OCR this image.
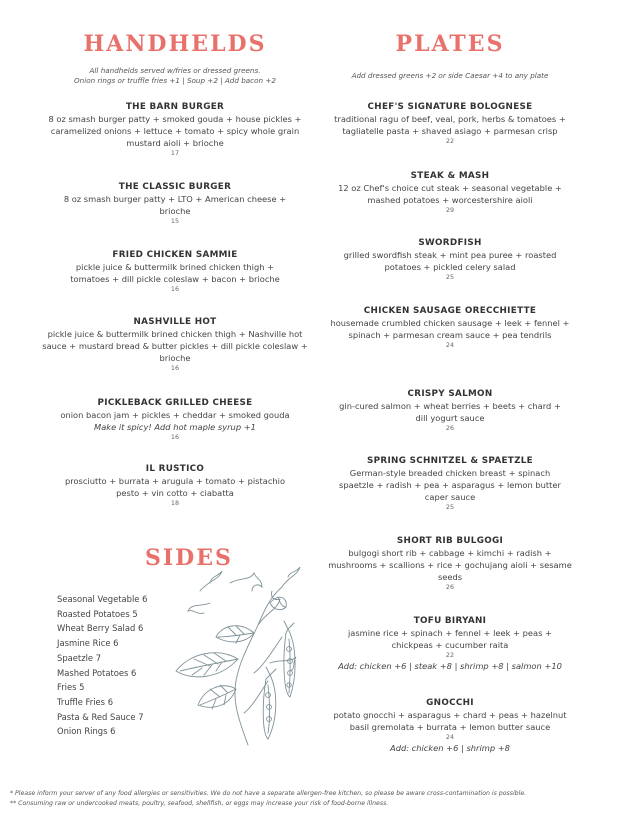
HANDHELDS
All handhelds served w/fries or dressed greens.
Onion rings or truffle fries +1 | Soup +2 | Add bacon +2
THE BARN BURGER
8 oz smash burger patty + smoked gouda + house pickles + caramelized onions + lettuce + tomato + spicy whole grain mustard aioli + brioche
17
THE CLASSIC BURGER
8 oz smash burger patty + LTO + American cheese + brioche
15
FRIED CHICKEN SAMMIE
pickle juice & buttermilk brined chicken thigh + tomatoes + dill pickle coleslaw + bacon + brioche
16
NASHVILLE HOT
pickle juice & buttermilk brined chicken thigh + Nashville hot sauce + mustard bread & butter pickles + dill pickle coleslaw + brioche
16
PICKLEBACK GRILLED CHEESE
onion bacon jam + pickles + cheddar + smoked gouda
Make it spicy! Add hot maple syrup +1
16
IL RUSTICO
prosciutto + burrata + arugula + tomato + pistachio pesto + vin cotto + ciabatta
18
SIDES
Seasonal Vegetable 6
Roasted Potatoes 5
Wheat Berry Salad 6
Jasmine Rice 6
Spaetzle 7
Mashed Potatoes 6
Fries 5
Truffle Fries 6
Pasta & Red Sauce 7
Onion Rings 6
PLATES
Add dressed greens +2 or side Caesar +4 to any plate
CHEF'S SIGNATURE BOLOGNESE
traditional ragu of beef, veal, pork, herbs & tomatoes + tagliatelle pasta + shaved asiago + parmesan crisp
22
STEAK & MASH
12 oz Chef's choice cut steak + seasonal vegetable + mashed potatoes + worcestershire aioli
29
SWORDFISH
grilled swordfish steak + mint pea puree + roasted potatoes + pickled celery salad
25
CHICKEN SAUSAGE ORECCHIETTE
housemade crumbled chicken sausage + leek + fennel + spinach + parmesan cream sauce + pea tendrils
24
CRISPY SALMON
gin-cured salmon + wheat berries + beets + chard + dill yogurt sauce
26
SPRING SCHNITZEL & SPAETZLE
German-style breaded chicken breast + spinach spaetzle + radish + pea + asparagus + lemon butter caper sauce
25
SHORT RIB BULGOGI
bulgogi short rib + cabbage + kimchi + radish + mushrooms + scallions + rice + gochujang aioli + sesame seeds
26
TOFU BIRYANI
jasmine rice + spinach + fennel + leek + peas + chickpeas + cucumber raita
22
Add: chicken +6 | steak +8 | shrimp +8 | salmon +10
GNOCCHI
potato gnocchi + asparagus + chard + peas + hazelnut basil gremolata + burrata + lemon butter sauce
24
Add: chicken +6 | shrimp +8
* Please inform your server of any food allergies or sensitivities. We do not have a separate allergen-free kitchen, so please be aware cross-contamination is possible.
** Consuming raw or undercooked meats, poultry, seafood, shellfish, or eggs may increase your risk of food-borne illness.
